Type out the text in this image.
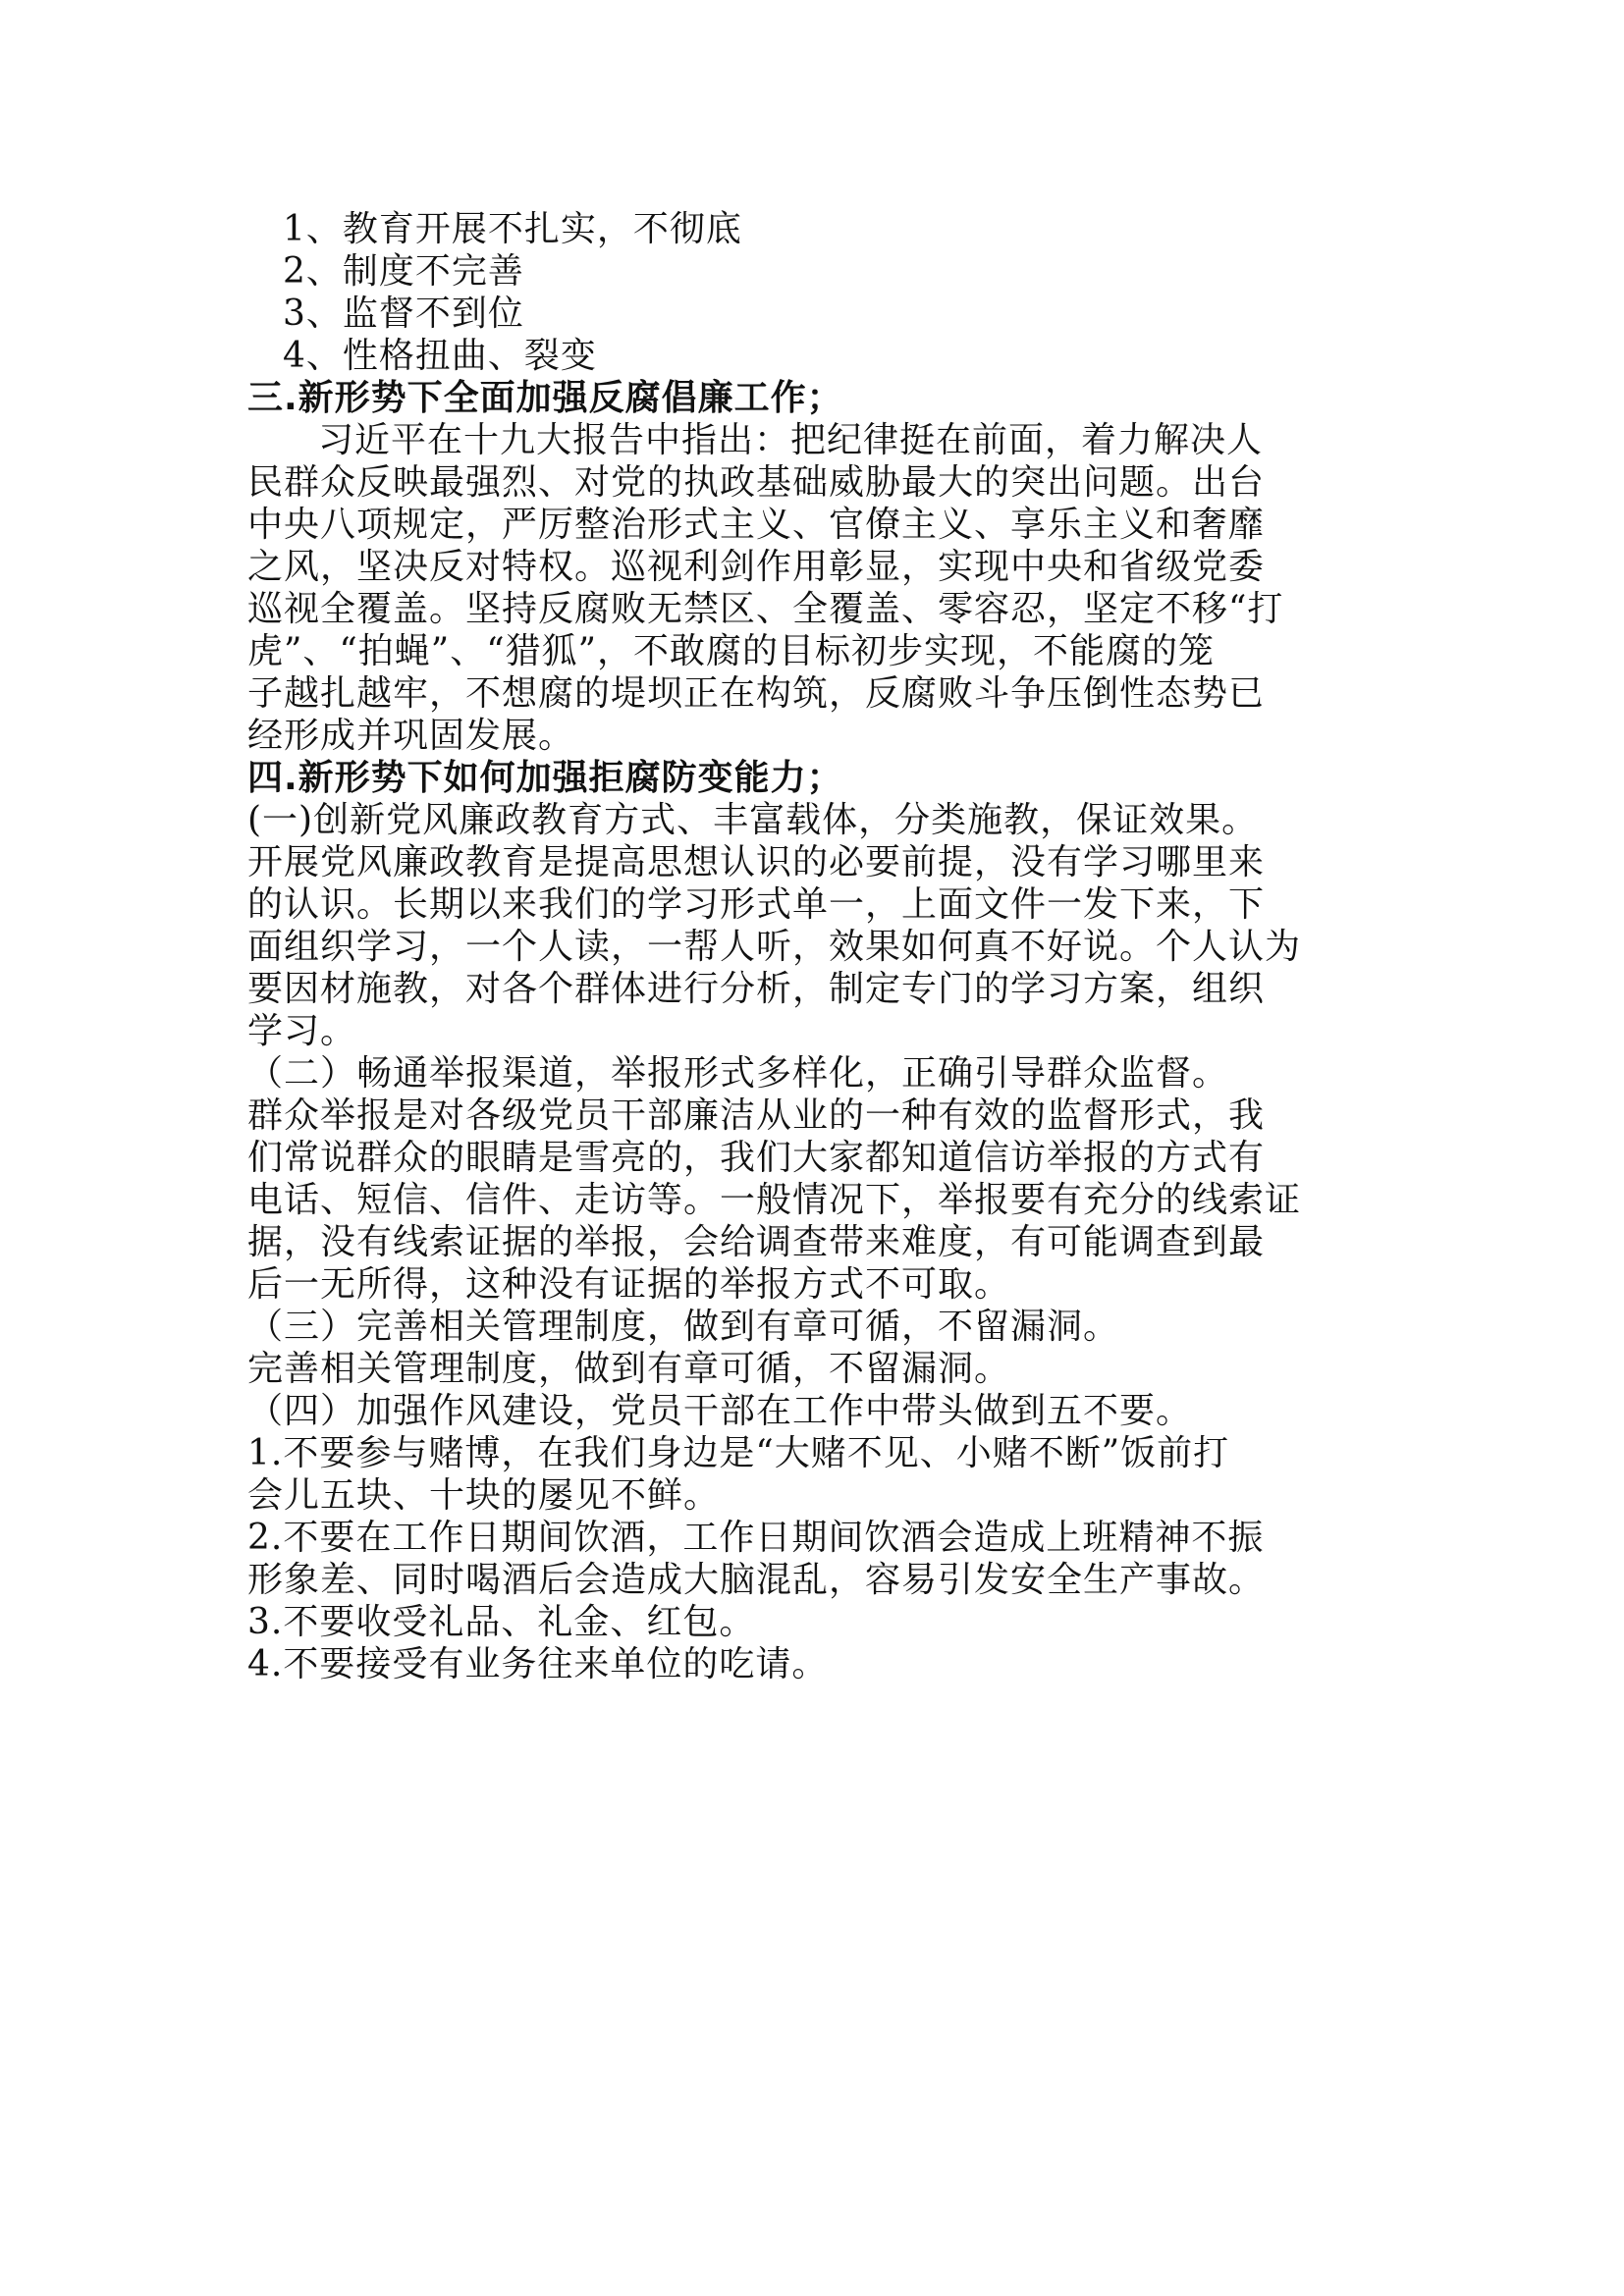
1、教育开展不扎实，不彻底
2、制度不完善
3、监督不到位
4、性格扭曲、裂变
三.新形势下全面加强反腐倡廉工作；
习近平在十九大报告中指出：把纪律挺在前面，着力解决人
民群众反映最强烈、对党的执政基础威胁最大的突出问题。出台
中央八项规定，严厉整治形式主义、官僚主义、享乐主义和奢靡
之风，坚决反对特权。巡视利剑作用彰显，实现中央和省级党委
巡视全覆盖。坚持反腐败无禁区、全覆盖、零容忍，坚定不移“打
虎”、“拍蝇”、“猎狐”，不敢腐的目标初步实现，不能腐的笼
子越扎越牢，不想腐的堤坝正在构筑，反腐败斗争压倒性态势已
经形成并巩固发展。
四.新形势下如何加强拒腐防变能力；
(一)创新党风廉政教育方式、丰富载体，分类施教，保证效果。
开展党风廉政教育是提高思想认识的必要前提，没有学习哪里来
的认识。长期以来我们的学习形式单一，上面文件一发下来，下
面组织学习，一个人读，一帮人听，效果如何真不好说。个人认为
要因材施教，对各个群体进行分析，制定专门的学习方案，组织
学习。
（二）畅通举报渠道，举报形式多样化，正确引导群众监督。
群众举报是对各级党员干部廉洁从业的一种有效的监督形式，我
们常说群众的眼睛是雪亮的，我们大家都知道信访举报的方式有
电话、短信、信件、走访等。一般情况下，举报要有充分的线索证
据，没有线索证据的举报，会给调查带来难度，有可能调查到最
后一无所得，这种没有证据的举报方式不可取。
（三）完善相关管理制度，做到有章可循，不留漏洞。
完善相关管理制度，做到有章可循，不留漏洞。
（四）加强作风建设，党员干部在工作中带头做到五不要。
1.不要参与赌博，在我们身边是“大赌不见、小赌不断”饭前打
会儿五块、十块的屡见不鲜。
2.不要在工作日期间饮酒，工作日期间饮酒会造成上班精神不振
形象差、同时喝酒后会造成大脑混乱，容易引发安全生产事故。
3.不要收受礼品、礼金、红包。
4.不要接受有业务往来单位的吃请。
